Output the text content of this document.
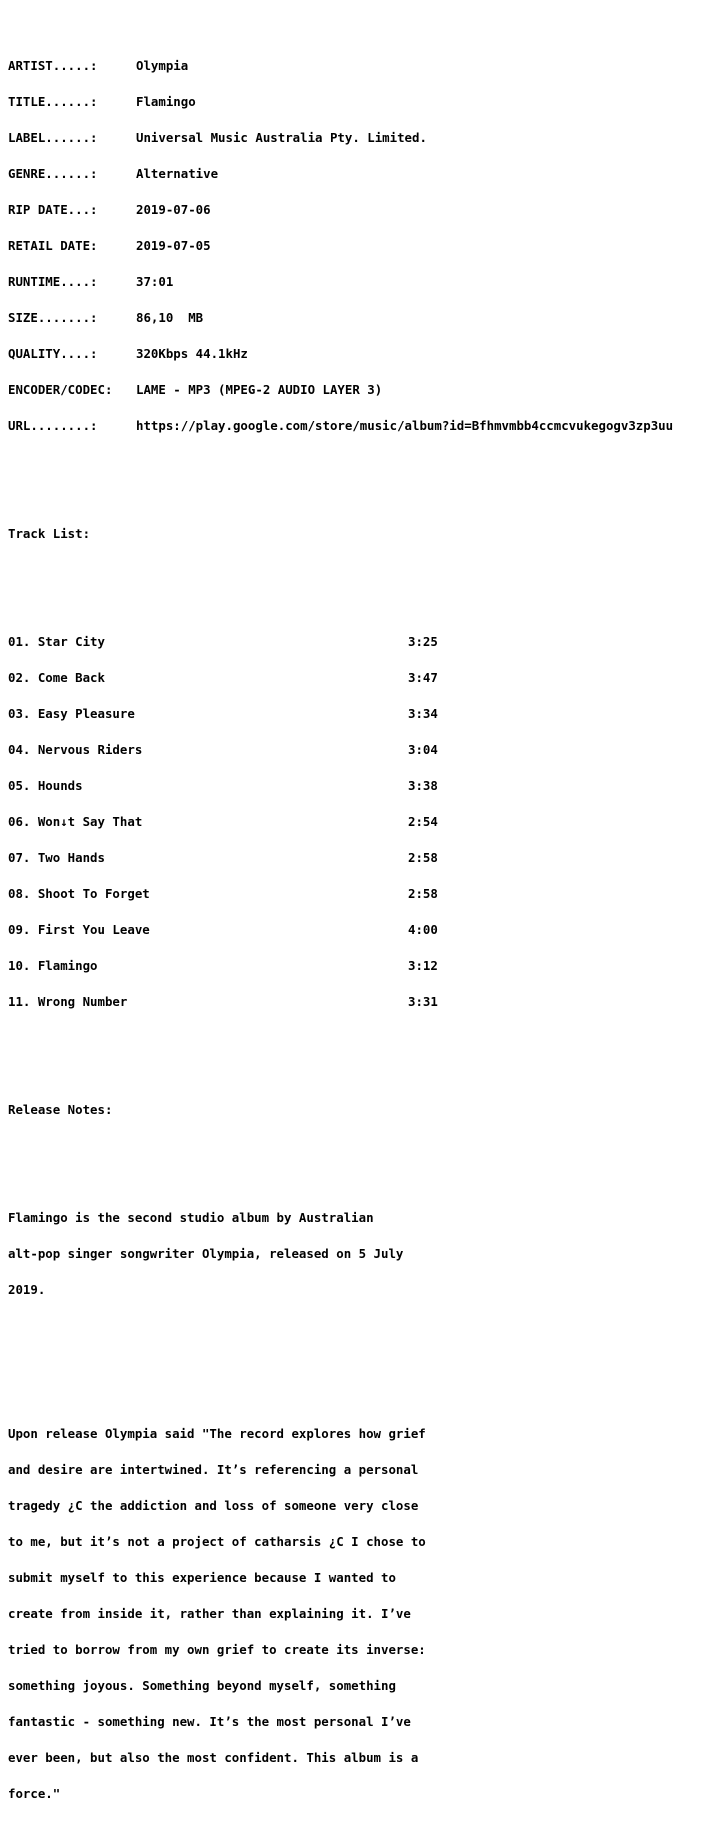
ARTIST.....:	Olympia

TITLE......:	Flamingo

LABEL......:	Universal Music Australia Pty. Limited.

GENRE......:	Alternative

RIP DATE...:	2019-07-06

RETAIL DATE:	2019-07-05

RUNTIME....:	37:01

SIZE.......:	86,10  MB

QUALITY....:	320Kbps 44.1kHz

ENCODER/CODEC: LAME - MP3 (MPEG-2 AUDIO LAYER 3)

URL........:	https://play.google.com/store/music/album?id=Bfhmvmbb4ccmcvukegogv3zp3uu

Track List:

01. Star City	3:25

02. Come Back	3:47

03. Easy Pleasure	3:34

04. Nervous Riders	3:04

05. Hounds	3:38

06. Won↓t Say That	2:54

07. Two Hands	2:58

08. Shoot To Forget	2:58

09. First You Leave	4:00

10. Flamingo	3:12

11. Wrong Number	3:31

Release Notes:

Flamingo is the second studio album by Australian

alt-pop singer songwriter Olympia, released on 5 July

2019.

Upon release Olympia said "The record explores how grief

and desire are intertwined. It’s referencing a personal

tragedy ¿C the addiction and loss of someone very close

to me, but it’s not a project of catharsis ¿C I chose to

submit myself to this experience because I wanted to

create from inside it, rather than explaining it. I’ve

tried to borrow from my own grief to create its inverse:

something joyous. Something beyond myself, something

fantastic - something new. It’s the most personal I’ve

ever been, but also the most confident. This album is a

force."
